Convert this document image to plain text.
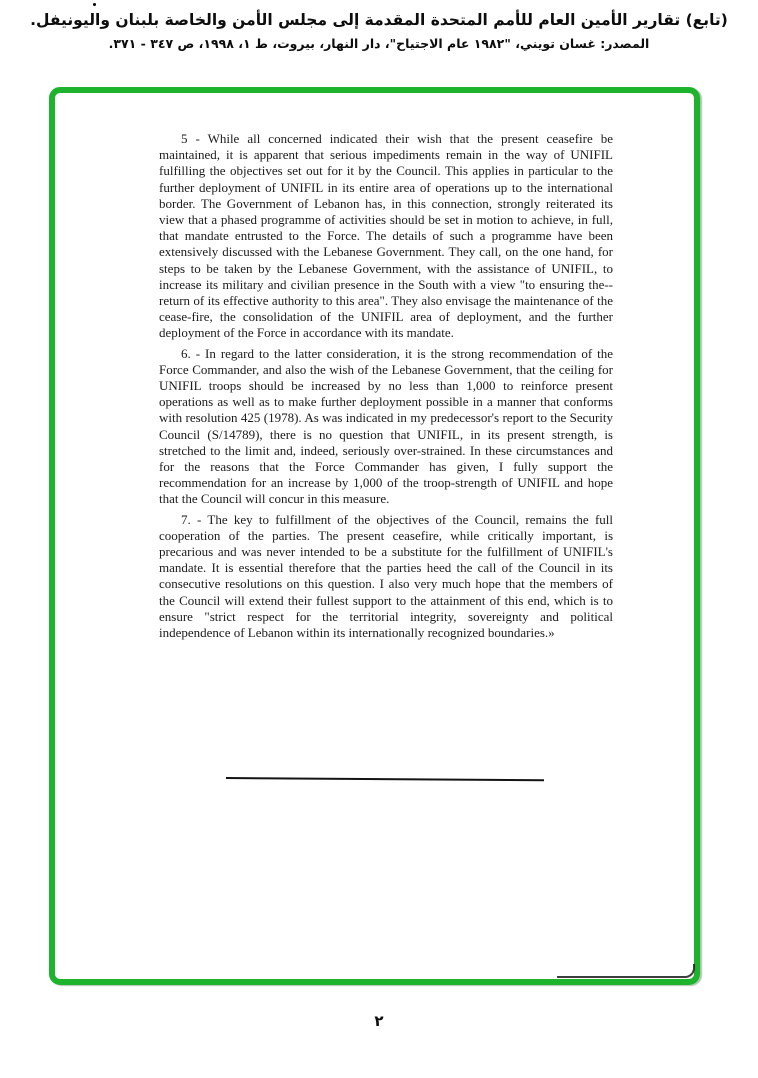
(تابع) تقارير الأمين العام للأمم المتحدة المقدمة إلى مجلس الأمن والخاصة بلبنان واليونيفل.
المصدر: غسان تويني، "١٩٨٢ عام الاجتياح"، دار النهار، بيروت، ط ١، ١٩٩٨، ص ٣٤٧ - ٣٧١.

5 - While all concerned indicated their wish that the present ceasefire be maintained, it is apparent that serious impediments remain in the way of UNIFIL fulfilling the objectives set out for it by the Council. This applies in particular to the further deployment of UNIFIL in its entire area of operations up to the international border. The Government of Lebanon has, in this connection, strongly reiterated its view that a phased programme of activities should be set in motion to achieve, in full, that mandate entrusted to the Force. The details of such a programme have been extensively discussed with the Lebanese Government. They call, on the one hand, for steps to be taken by the Lebanese Government, with the assistance of UNIFIL, to increase its military and civilian presence in the South with a view "to ensuring the--return of its effective authority to this area". They also envisage the maintenance of the cease-fire, the consolidation of the UNIFIL area of deployment, and the further deployment of the Force in accordance with its mandate.

6. - In regard to the latter consideration, it is the strong recommendation of the Force Commander, and also the wish of the Lebanese Government, that the ceiling for UNIFIL troops should be increased by no less than 1,000 to reinforce present operations as well as to make further deployment possible in a manner that conforms with resolution 425 (1978). As was indicated in my predecessor's report to the Security Council (S/14789), there is no question that UNIFIL, in its present strength, is stretched to the limit and, indeed, seriously over-strained. In these circumstances and for the reasons that the Force Commander has given, I fully support the recommendation for an increase by 1,000 of the troop-strength of UNIFIL and hope that the Council will concur in this measure.

7. - The key to fulfillment of the objectives of the Council, remains the full cooperation of the parties. The present ceasefire, while critically important, is precarious and was never intended to be a substitute for the fulfillment of UNIFIL's mandate. It is essential therefore that the parties heed the call of the Council in its consecutive resolutions on this question. I also very much hope that the members of the Council will extend their fullest support to the attainment of this end, which is to ensure "strict respect for the territorial integrity, sovereignty and political independence of Lebanon within its internationally recognized boundaries.»

٢
